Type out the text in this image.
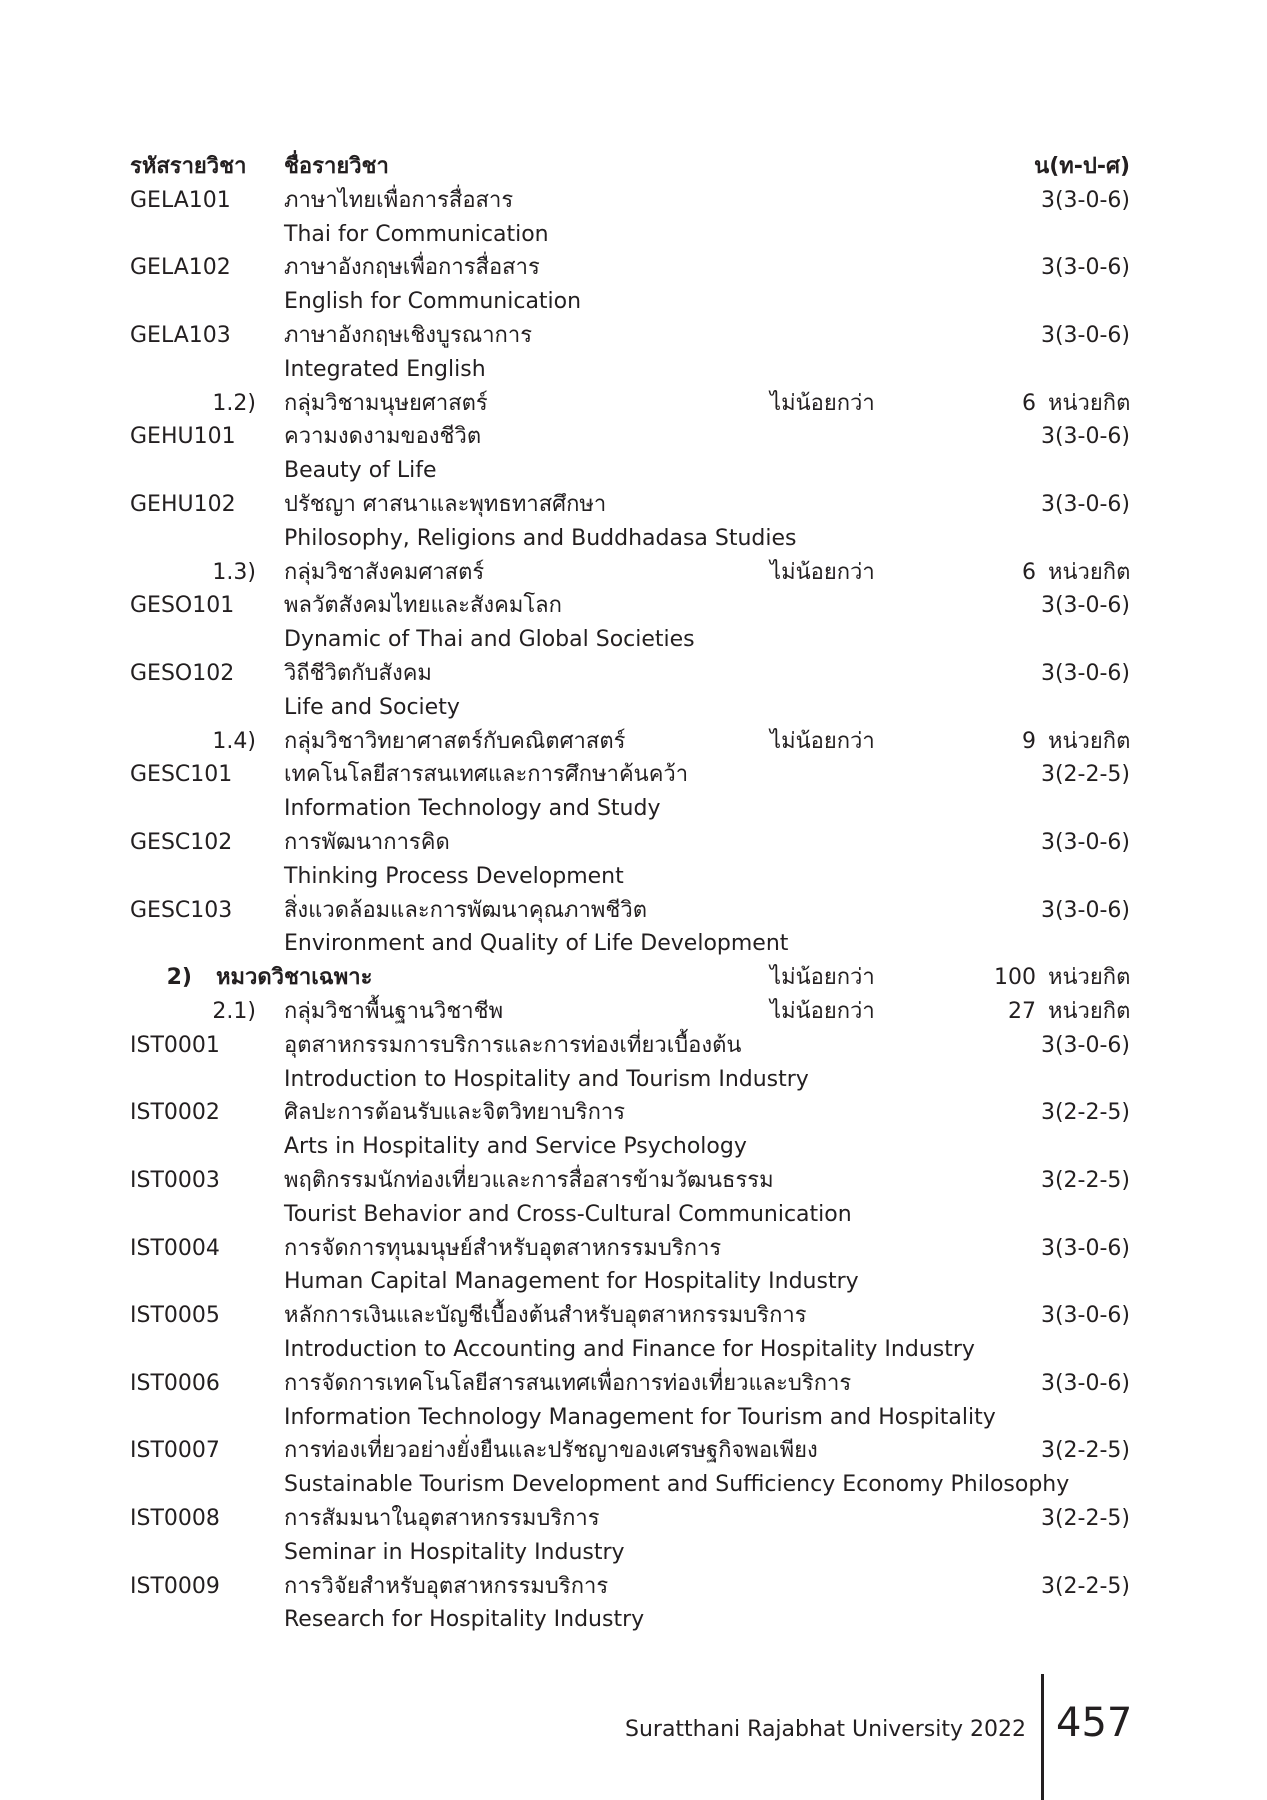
รหัสรายวิชา ชื่อรายวิชา	น(ท-ป-ศ)
GELA101 ภาษาไทยเพื่อการสื่อสาร	3(3-0-6)
Thai for Communication
GELA102 ภาษาอังกฤษเพื่อการสื่อสาร	3(3-0-6)
English for Communication
GELA103 ภาษาอังกฤษเชิงบูรณาการ	3(3-0-6)
Integrated English
1.2) กลุ่มวิชามนุษยศาสตร์	ไม่น้อยกว่า	6 หน่วยกิต
GEHU101 ความงดงามของชีวิต	3(3-0-6)
Beauty of Life
GEHU102 ปรัชญา ศาสนาและพุทธทาสศึกษา	3(3-0-6)
Philosophy, Religions and Buddhadasa Studies
1.3) กลุ่มวิชาสังคมศาสตร์	ไม่น้อยกว่า	6 หน่วยกิต
GESO101 พลวัตสังคมไทยและสังคมโลก	3(3-0-6)
Dynamic of Thai and Global Societies
GESO102 วิถีชีวิตกับสังคม	3(3-0-6)
Life and Society
1.4) กลุ่มวิชาวิทยาศาสตร์กับคณิตศาสตร์	ไม่น้อยกว่า	9 หน่วยกิต
GESC101 เทคโนโลยีสารสนเทศและการศึกษาค้นคว้า	3(2-2-5)
Information Technology and Study
GESC102 การพัฒนาการคิด	3(3-0-6)
Thinking Process Development
GESC103 สิ่งแวดล้อมและการพัฒนาคุณภาพชีวิต	3(3-0-6)
Environment and Quality of Life Development
2) หมวดวิชาเฉพาะ	ไม่น้อยกว่า	100 หน่วยกิต
2.1) กลุ่มวิชาพื้นฐานวิชาชีพ	ไม่น้อยกว่า	27 หน่วยกิต
IST0001	อุตสาหกรรมการบริการและการท่องเที่ยวเบื้องต้น	3(3-0-6)
Introduction to Hospitality and Tourism Industry
IST0002	ศิลปะการต้อนรับและจิตวิทยาบริการ	3(2-2-5)
Arts in Hospitality and Service Psychology
IST0003	พฤติกรรมนักท่องเที่ยวและการสื่อสารข้ามวัฒนธรรม	3(2-2-5)
Tourist Behavior and Cross-Cultural Communication
IST0004	การจัดการทุนมนุษย์สำหรับอุตสาหกรรมบริการ	3(3-0-6)
Human Capital Management for Hospitality Industry
IST0005	หลักการเงินและบัญชีเบื้องต้นสำหรับอุตสาหกรรมบริการ	3(3-0-6)
Introduction to Accounting and Finance for Hospitality Industry
IST0006	การจัดการเทคโนโลยีสารสนเทศเพื่อการท่องเที่ยวและบริการ	3(3-0-6)
Information Technology Management for Tourism and Hospitality
IST0007	การท่องเที่ยวอย่างยั่งยืนและปรัชญาของเศรษฐกิจพอเพียง	3(2-2-5)
Sustainable Tourism Development and Sufficiency Economy Philosophy
IST0008	การสัมมนาในอุตสาหกรรมบริการ	3(2-2-5)
Seminar in Hospitality Industry
IST0009	การวิจัยสำหรับอุตสาหกรรมบริการ	3(2-2-5)
Research for Hospitality Industry
Suratthani Rajabhat University 2022 457
